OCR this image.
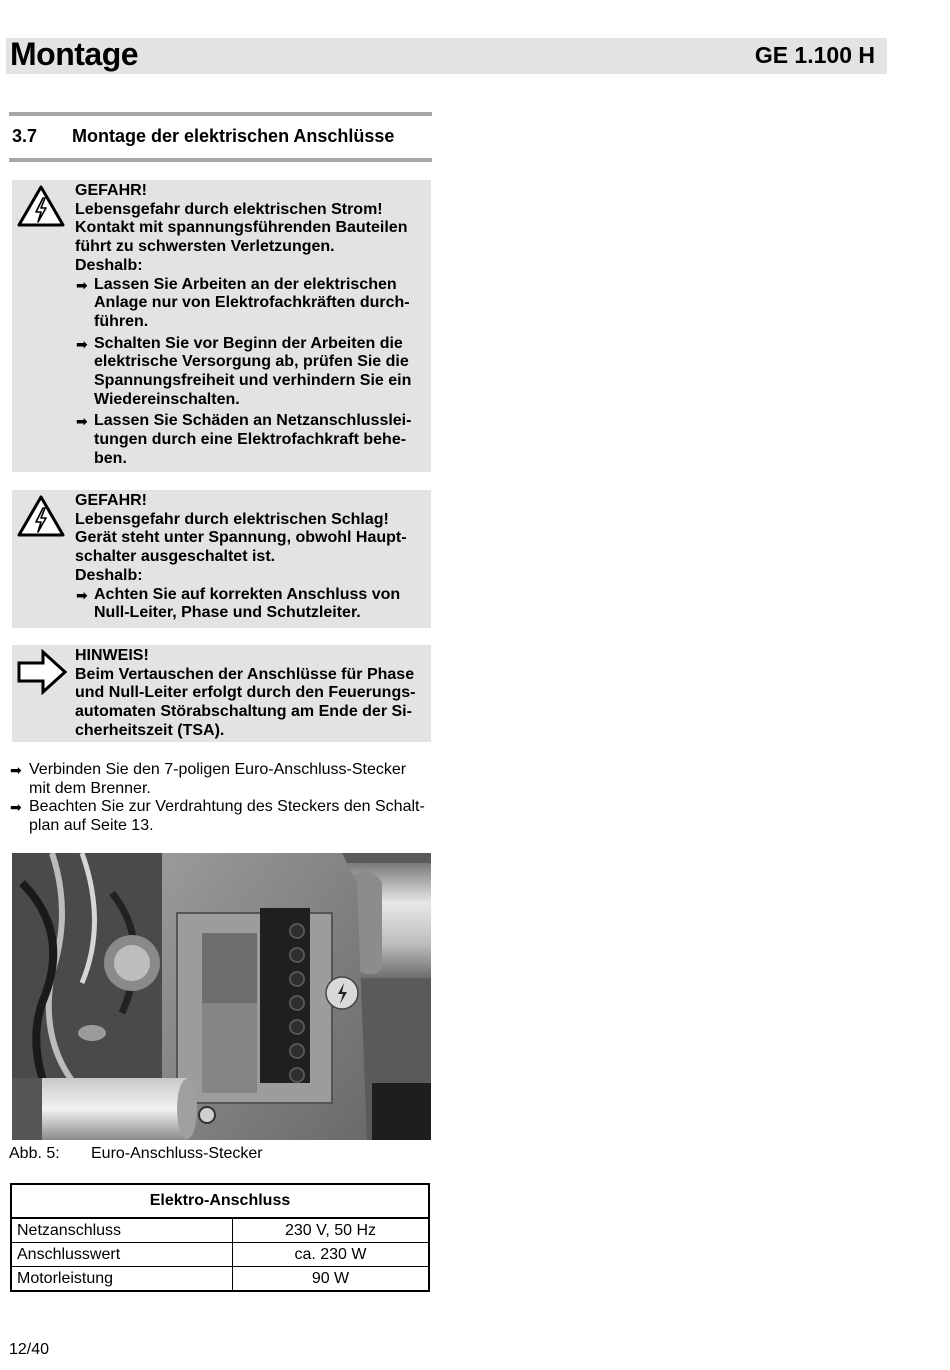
Montage	GE 1.100 H
3.7 Montage der elektrischen Anschlüsse
GEFAHR!
Lebensgefahr durch elektrischen Strom!
Kontakt mit spannungsführenden Bauteilen
führt zu schwersten Verletzungen.
Deshalb:
➡ Lassen Sie Arbeiten an der elektrischen
Anlage nur von Elektrofachkräften durch-
führen.
➡ Schalten Sie vor Beginn der Arbeiten die
elektrische Versorgung ab, prüfen Sie die
Spannungsfreiheit und verhindern Sie ein
Wiedereinschalten.
➡ Lassen Sie Schäden an Netzanschlusslei-
tungen durch eine Elektrofachkraft behe-
ben.
GEFAHR!
Lebensgefahr durch elektrischen Schlag!
Gerät steht unter Spannung, obwohl Haupt-
schalter ausgeschaltet ist.
Deshalb:
➡ Achten Sie auf korrekten Anschluss von
Null-Leiter, Phase und Schutzleiter.
HINWEIS!
Beim Vertauschen der Anschlüsse für Phase
und Null-Leiter erfolgt durch den Feuerungs-
automaten Störabschaltung am Ende der Si-
cherheitszeit (TSA).
➡ Verbinden Sie den 7-poligen Euro-Anschluss-Stecker
mit dem Brenner.
➡ Beachten Sie zur Verdrahtung des Steckers den Schalt-
plan auf Seite 13.
Abb. 5: Euro-Anschluss-Stecker
Elektro-Anschluss	
Netzanschluss	230 V, 50 Hz
Anschlusswert	ca. 230 W
Motorleistung	90 W
12/40
